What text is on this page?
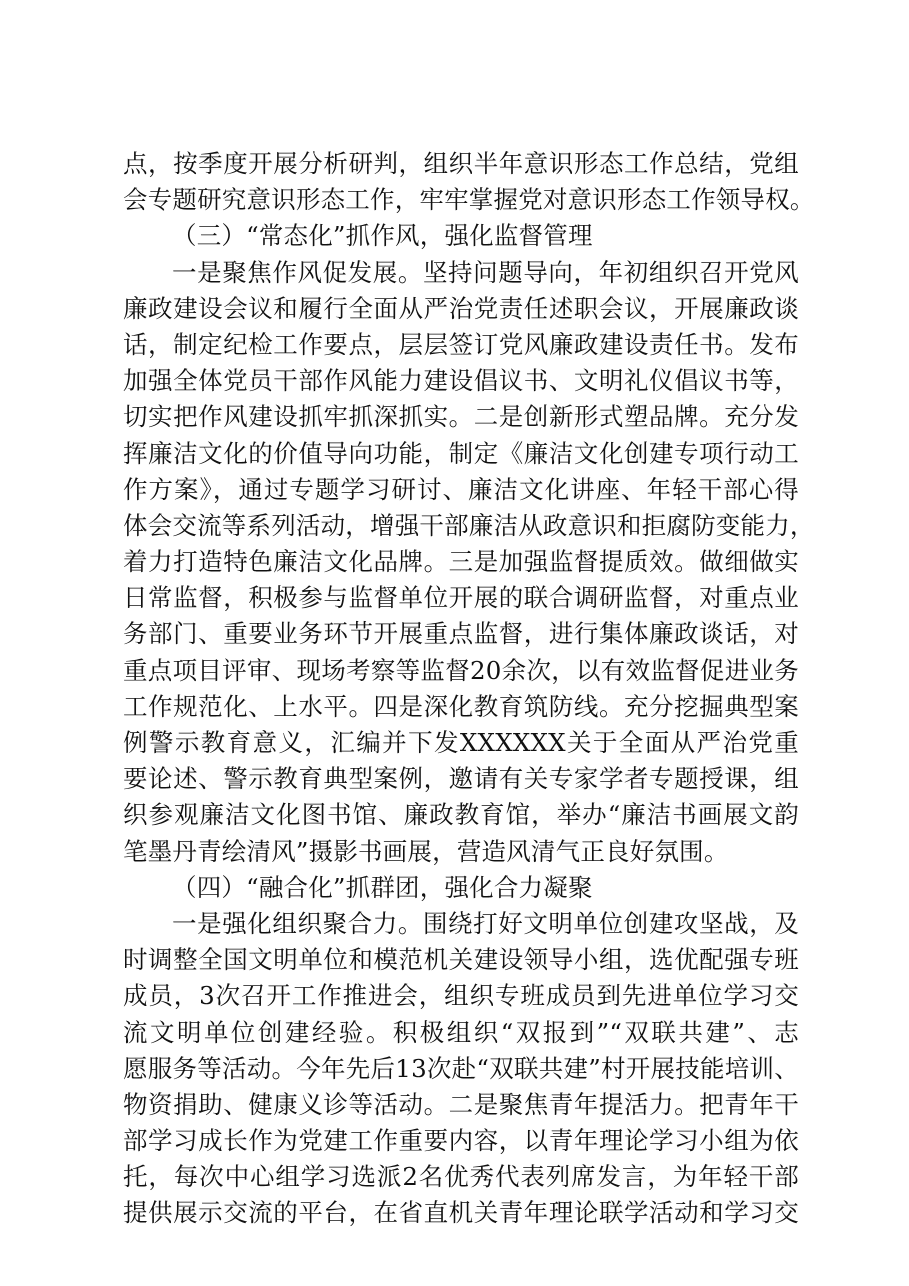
点，按季度开展分析研判，组织半年意识形态工作总结，党组
会专题研究意识形态工作，牢牢掌握党对意识形态工作领导权。
（三）“常态化”抓作风，强化监督管理
一是聚焦作风促发展。坚持问题导向，年初组织召开党风
廉政建设会议和履行全面从严治党责任述职会议，开展廉政谈
话，制定纪检工作要点，层层签订党风廉政建设责任书。发布
加强全体党员干部作风能力建设倡议书、文明礼仪倡议书等，
切实把作风建设抓牢抓深抓实。二是创新形式塑品牌。充分发
挥廉洁文化的价值导向功能，制定《廉洁文化创建专项行动工
作方案》，通过专题学习研讨、廉洁文化讲座、年轻干部心得
体会交流等系列活动，增强干部廉洁从政意识和拒腐防变能力，
着力打造特色廉洁文化品牌。三是加强监督提质效。做细做实
日常监督，积极参与监督单位开展的联合调研监督，对重点业
务部门、重要业务环节开展重点监督，进行集体廉政谈话，对
重点项目评审、现场考察等监督20余次，以有效监督促进业务
工作规范化、上水平。四是深化教育筑防线。充分挖掘典型案
例警示教育意义，汇编并下发XXXXXX关于全面从严治党重
要论述、警示教育典型案例，邀请有关专家学者专题授课，组
织参观廉洁文化图书馆、廉政教育馆，举办“廉洁书画展文韵
笔墨丹青绘清风”摄影书画展，营造风清气正良好氛围。
（四）“融合化”抓群团，强化合力凝聚
一是强化组织聚合力。围绕打好文明单位创建攻坚战，及
时调整全国文明单位和模范机关建设领导小组，选优配强专班
成员，3次召开工作推进会，组织专班成员到先进单位学习交
流文明单位创建经验。积极组织“双报到”“双联共建”、志
愿服务等活动。今年先后13次赴“双联共建”村开展技能培训、
物资捐助、健康义诊等活动。二是聚焦青年提活力。把青年干
部学习成长作为党建工作重要内容，以青年理论学习小组为依
托，每次中心组学习选派2名优秀代表列席发言，为年轻干部
提供展示交流的平台，在省直机关青年理论联学活动和学习交
